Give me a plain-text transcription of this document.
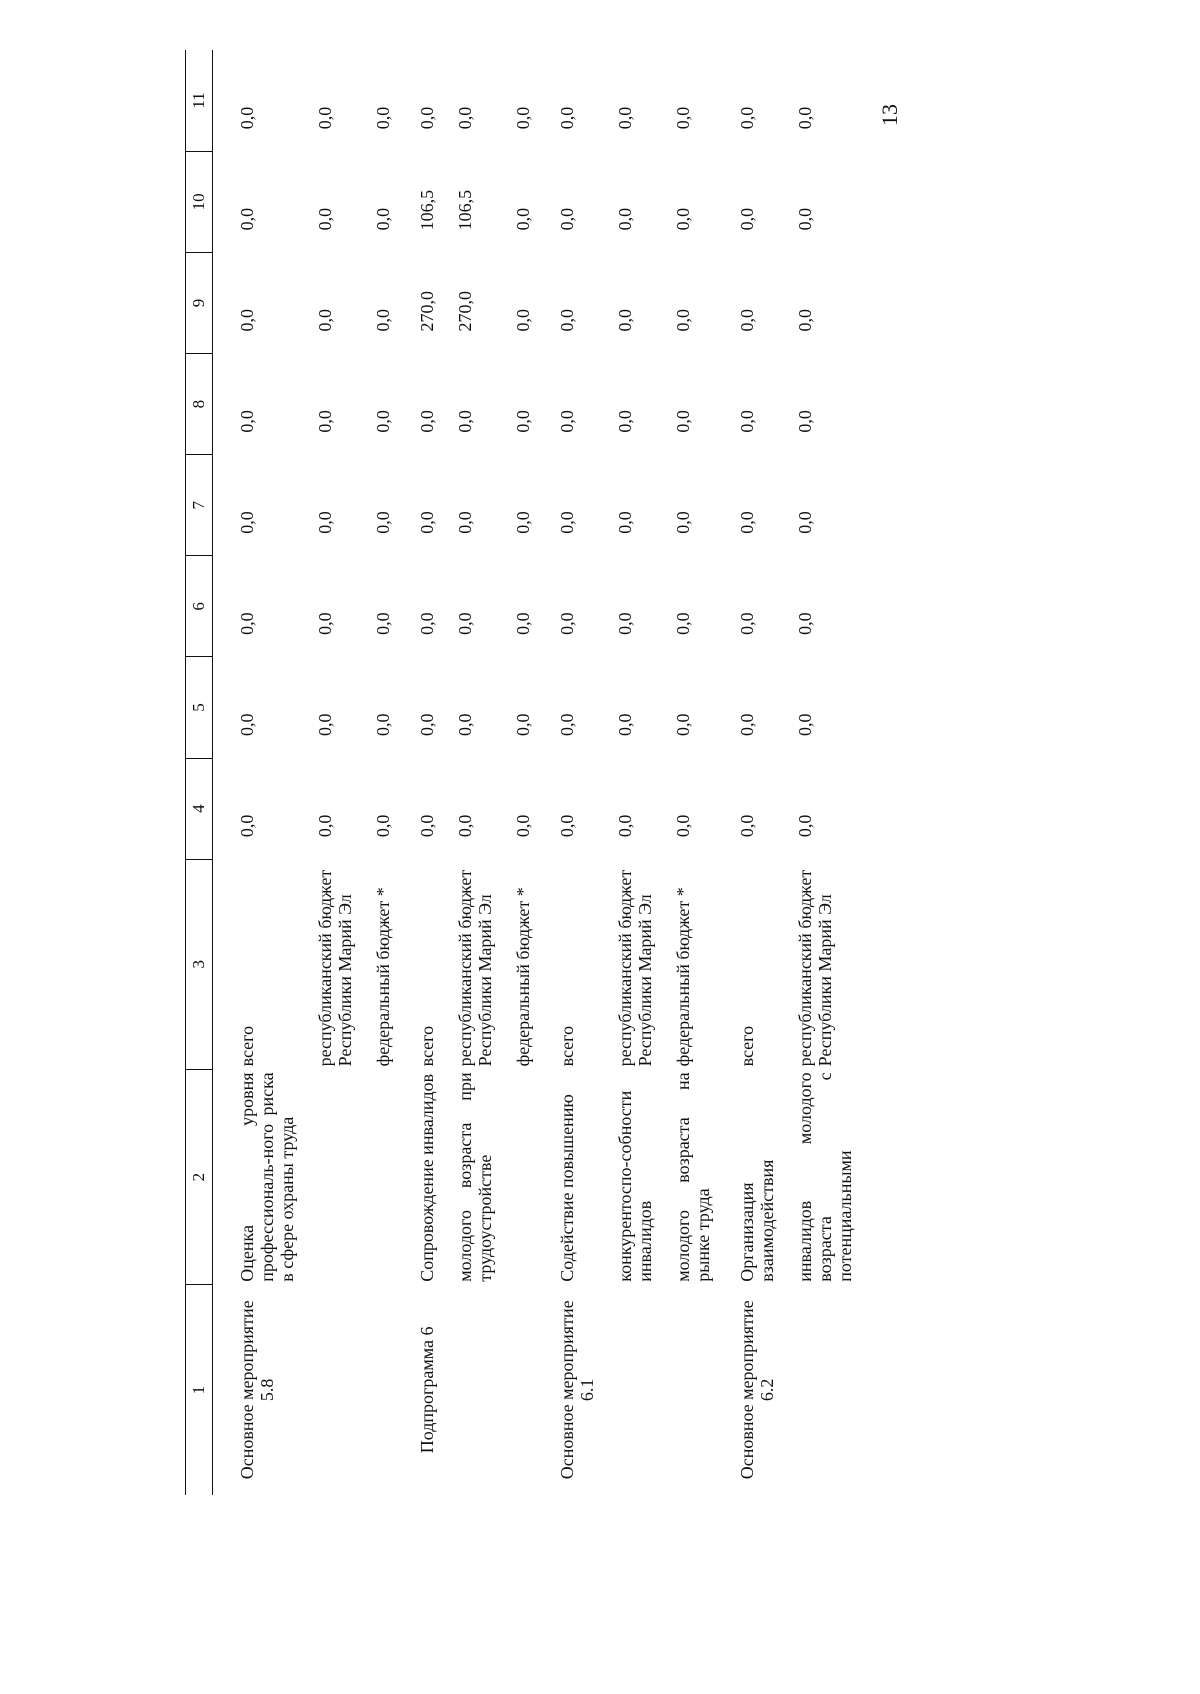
13
1	2	3	4	5	6	7	8	9	10	11
Основное мероприятие 5.8	Оценка уровня профессиональ-ного риска в сфере охраны труда	всего	0,0	0,0	0,0	0,0	0,0	0,0	0,0	0,0
		республиканский бюджет Республики Марий Эл	0,0	0,0	0,0	0,0	0,0	0,0	0,0	0,0
		федеральный бюджет *	0,0	0,0	0,0	0,0	0,0	0,0	0,0	0,0
Подпрограмма 6	Сопровождение инвалидов	всего	0,0	0,0	0,0	0,0	0,0	270,0	106,5	0,0
	молодого возраста при трудоустройстве	республиканский бюджет Республики Марий Эл	0,0	0,0	0,0	0,0	0,0	270,0	106,5	0,0
		федеральный бюджет *	0,0	0,0	0,0	0,0	0,0	0,0	0,0	0,0
Основное мероприятие 6.1	Содействие повышению	всего	0,0	0,0	0,0	0,0	0,0	0,0	0,0	0,0
	конкурентоспо-собности инвалидов	республиканский бюджет Республики Марий Эл	0,0	0,0	0,0	0,0	0,0	0,0	0,0	0,0
	молодого возраста на рынке труда	федеральный бюджет *	0,0	0,0	0,0	0,0	0,0	0,0	0,0	0,0
Основное мероприятие 6.2	Организация взаимодействия	всего	0,0	0,0	0,0	0,0	0,0	0,0	0,0	0,0
	инвалидов молодого возраста с потенциальными	республиканский бюджет Республики Марий Эл	0,0	0,0	0,0	0,0	0,0	0,0	0,0	0,0
